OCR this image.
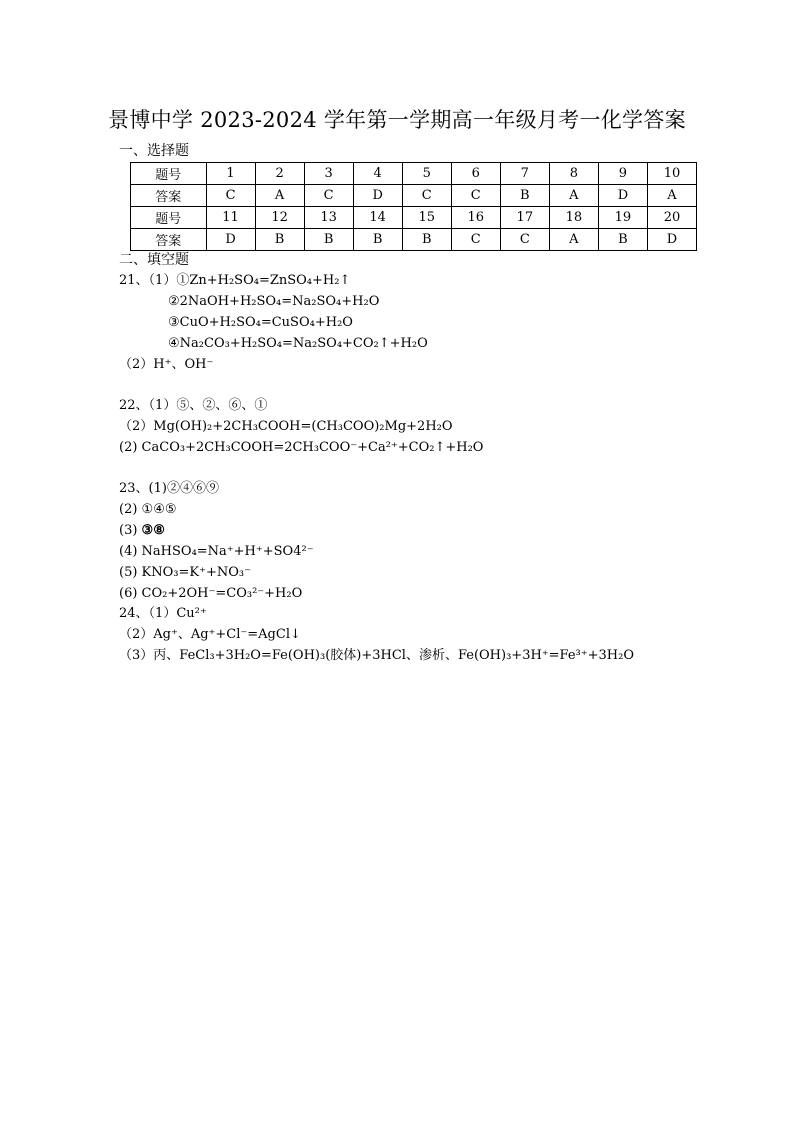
景博中学 2023-2024 学年第一学期高一年级月考一化学答案
一、选择题
题号	1	2	3	4	5	6	7	8	9	10
答案	C	A	C	D	C	C	B	A	D	A
题号	11	12	13	14	15	16	17	18	19	20
答案	D	B	B	B	B	C	C	A	B	D
二、填空题
21、（1）①Zn+H₂SO₄=ZnSO₄+H₂↑
②2NaOH+H₂SO₄=Na₂SO₄+H₂O
③CuO+H₂SO₄=CuSO₄+H₂O
④Na₂CO₃+H₂SO₄=Na₂SO₄+CO₂↑+H₂O
（2）H⁺、OH⁻
22、（1）⑤、②、⑥、①
（2）Mg(OH)₂+2CH₃COOH=(CH₃COO)₂Mg+2H₂O
(2) CaCO₃+2CH₃COOH=2CH₃COO⁻+Ca²⁺+CO₂↑+H₂O
23、(1)②④⑥⑨
(2) ①④⑤
(3) ③⑧
(4) NaHSO₄=Na⁺+H⁺+SO4²⁻
(5) KNO₃=K⁺+NO₃⁻
(6) CO₂+2OH⁻=CO₃²⁻+H₂O
24、（1）Cu²⁺
（2）Ag⁺、Ag⁺+Cl⁻=AgCl↓
（3）丙、FeCl₃+3H₂O=Fe(OH)₃(胶体)+3HCl、渗析、Fe(OH)₃+3H⁺=Fe³⁺+3H₂O
